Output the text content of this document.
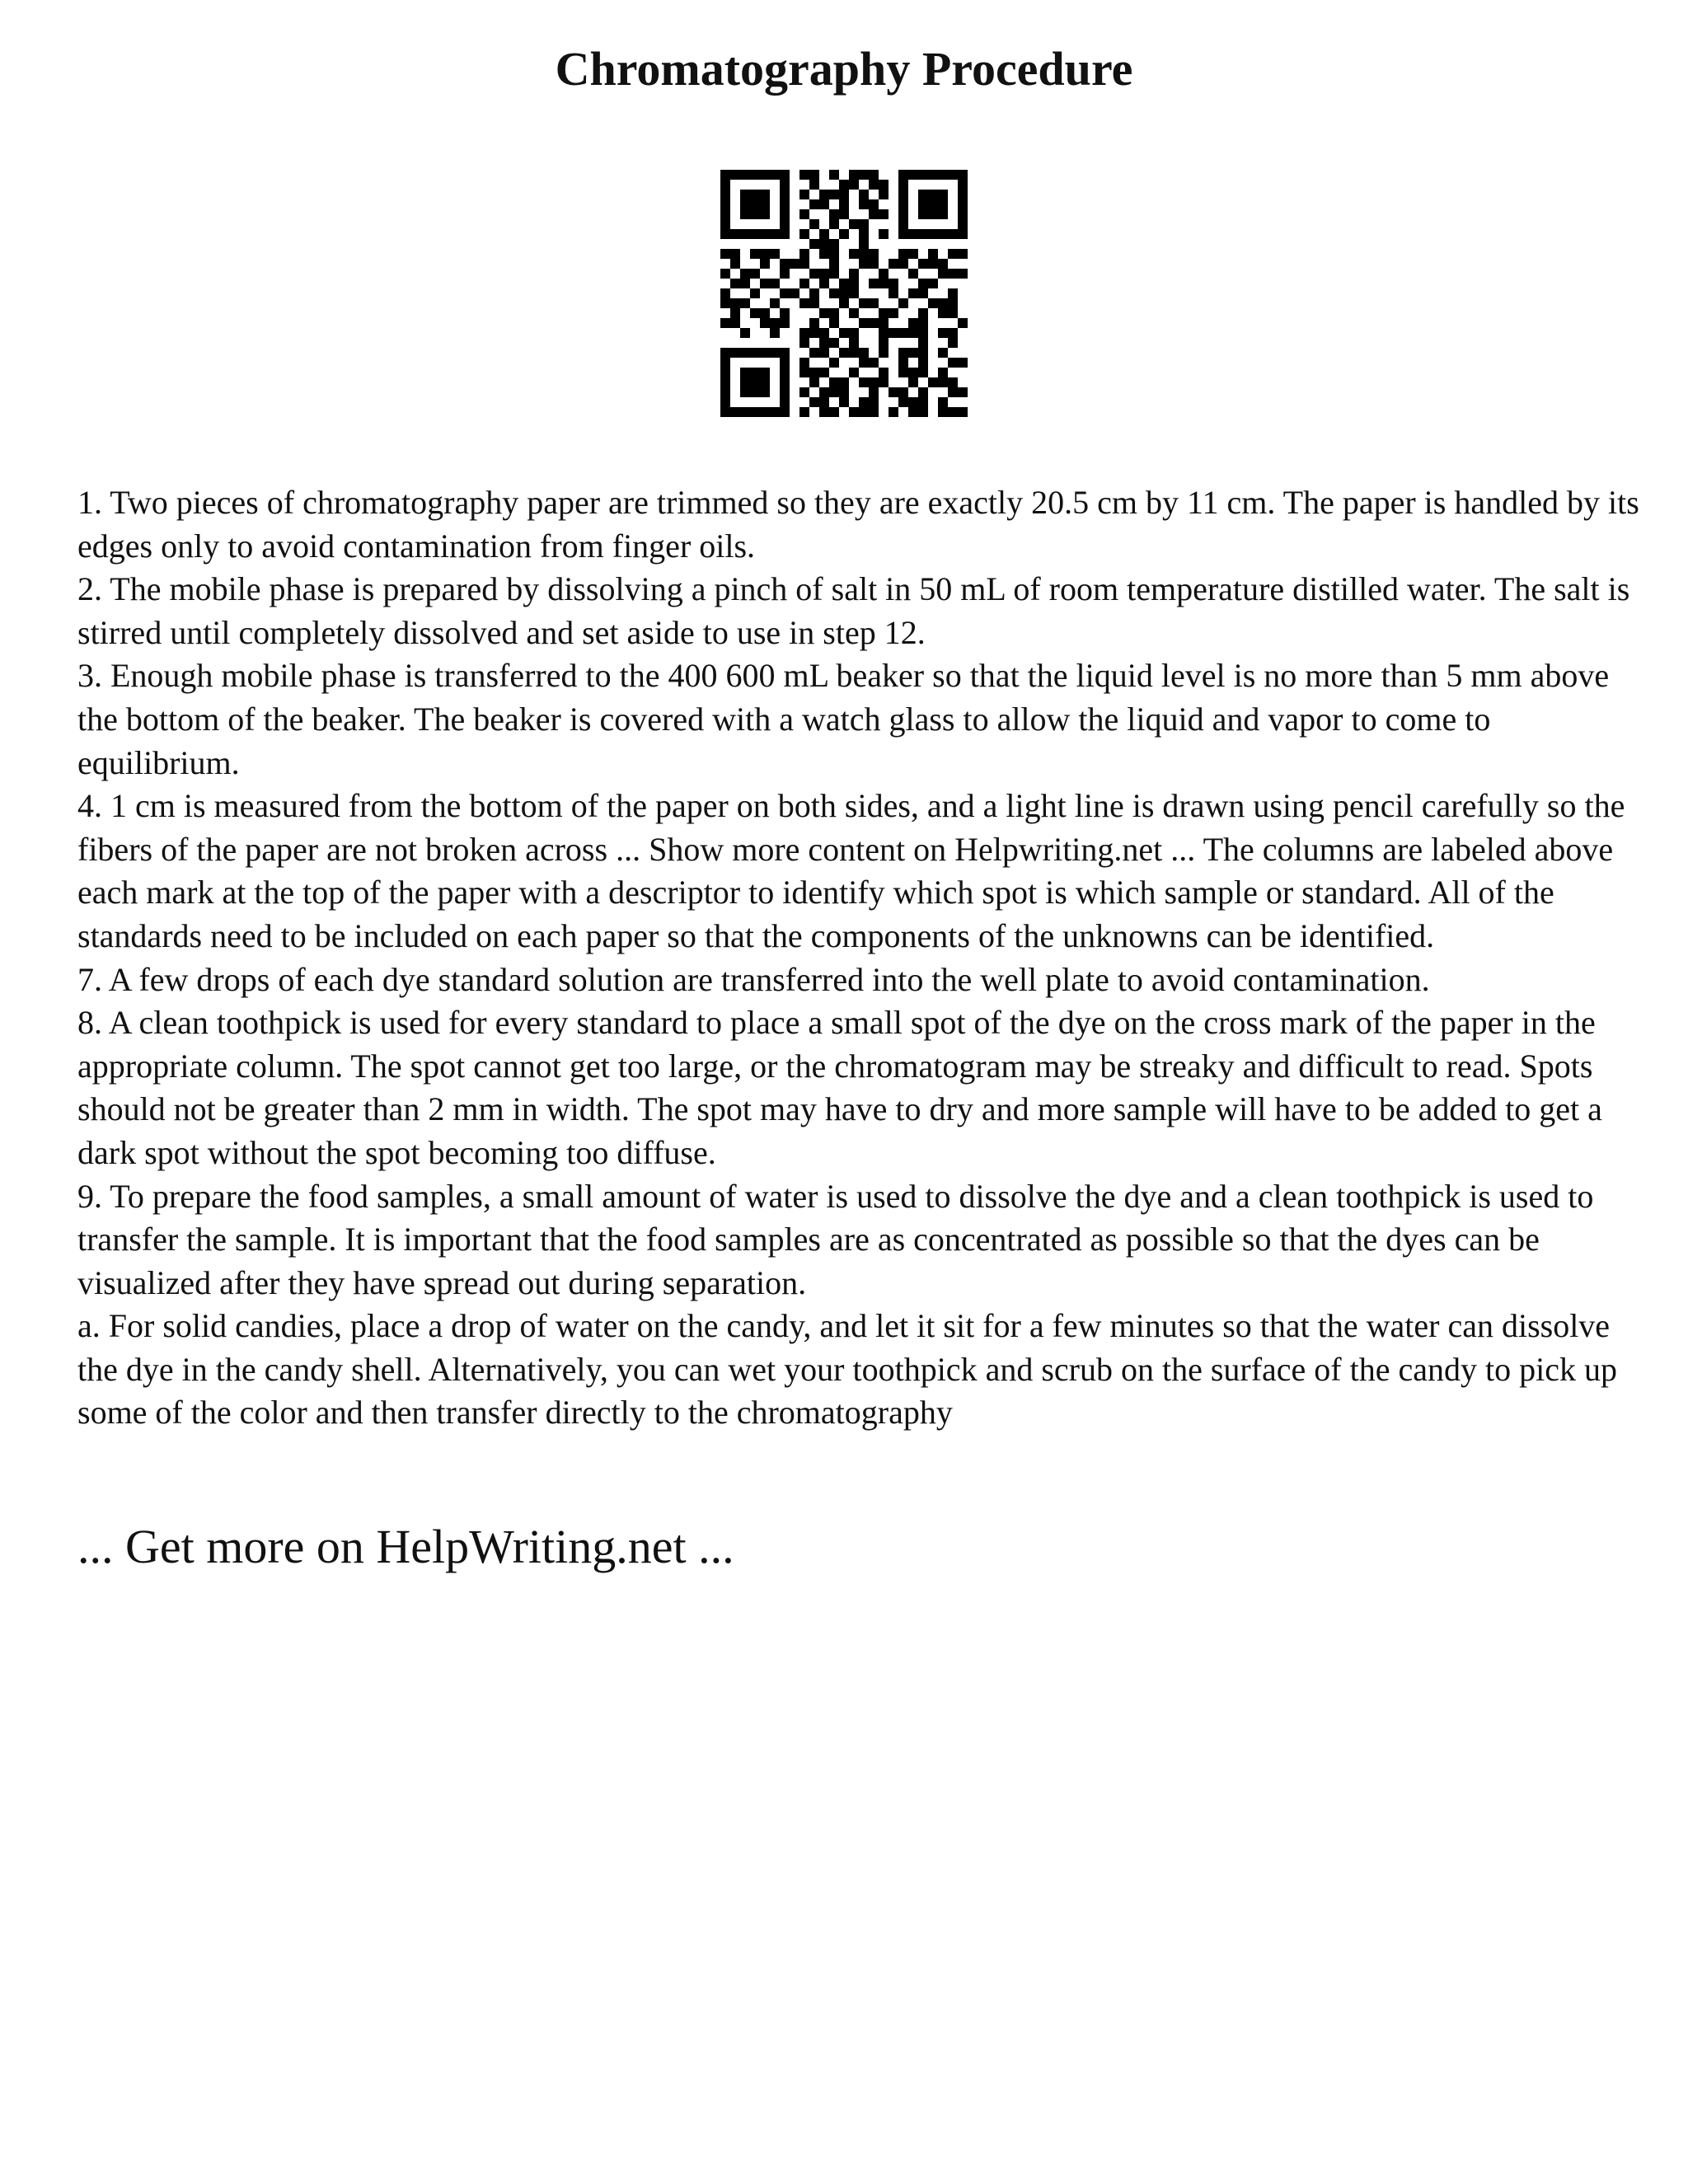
Chromatography Procedure

1. Two pieces of chromatography paper are trimmed so they are exactly 20.5 cm by 11 cm. The paper is handled by its edges only to avoid contamination from finger oils.

2. The mobile phase is prepared by dissolving a pinch of salt in 50 mL of room temperature distilled water. The salt is stirred until completely dissolved and set aside to use in step 12.

3. Enough mobile phase is transferred to the 400 600 mL beaker so that the liquid level is no more than 5 mm above the bottom of the beaker. The beaker is covered with a watch glass to allow the liquid and vapor to come to equilibrium.

4. 1 cm is measured from the bottom of the paper on both sides, and a light line is drawn using pencil carefully so the fibers of the paper are not broken across ... Show more content on Helpwriting.net ... The columns are labeled above each mark at the top of the paper with a descriptor to identify which spot is which sample or standard. All of the standards need to be included on each paper so that the components of the unknowns can be identified.

7. A few drops of each dye standard solution are transferred into the well plate to avoid contamination.

8. A clean toothpick is used for every standard to place a small spot of the dye on the cross mark of the paper in the appropriate column. The spot cannot get too large, or the chromatogram may be streaky and difficult to read. Spots should not be greater than 2 mm in width. The spot may have to dry and more sample will have to be added to get a dark spot without the spot becoming too diffuse.

9. To prepare the food samples, a small amount of water is used to dissolve the dye and a clean toothpick is used to transfer the sample. It is important that the food samples are as concentrated as possible so that the dyes can be visualized after they have spread out during separation.

a. For solid candies, place a drop of water on the candy, and let it sit for a few minutes so that the water can dissolve the dye in the candy shell. Alternatively, you can wet your toothpick and scrub on the surface of the candy to pick up some of the color and then transfer directly to the chromatography

... Get more on HelpWriting.net ...
